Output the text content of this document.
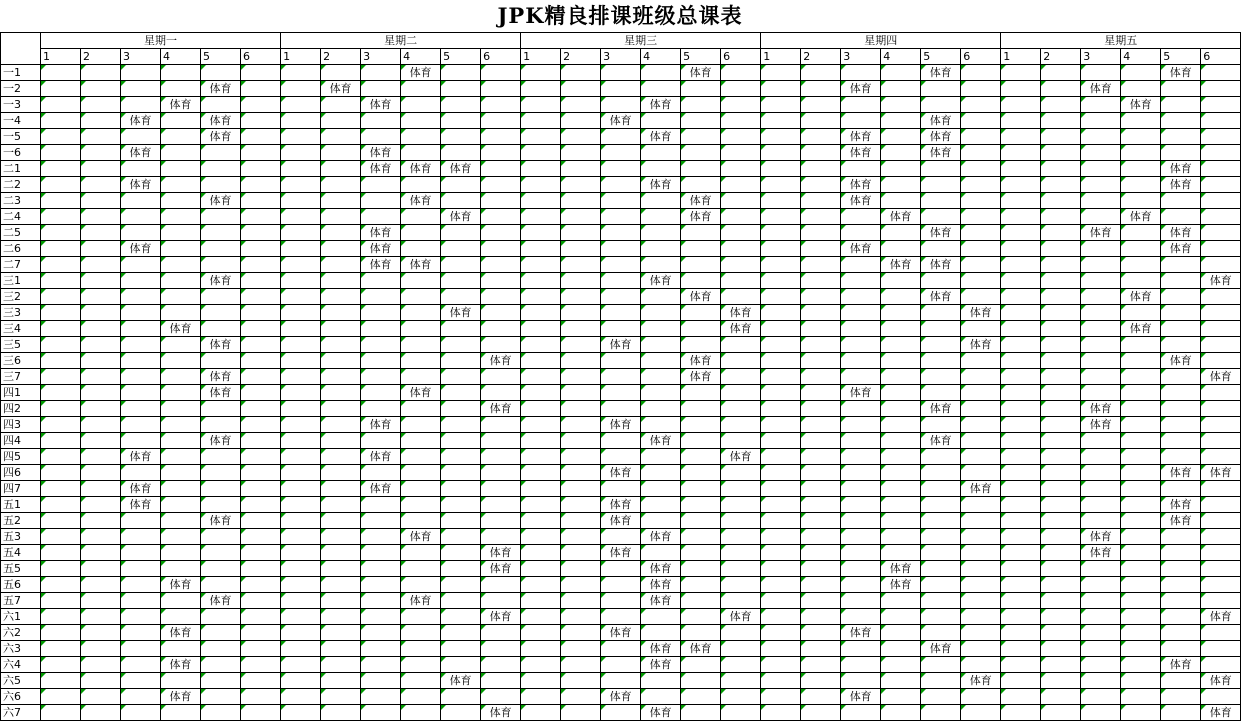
JPK精良排课班级总课表
	星期一						星期二						星期三						星期四						星期五					
	1	2	3	4	5	6	1	2	3	4	5	6	1	2	3	4	5	6	1	2	3	4	5	6	1	2	3	4	5	6
一1										体育							体育						体育						体育	
一2					体育			体育													体育						体育			
一3				体育					体育							体育												体育		
一4			体育		体育										体育								体育							
一5					体育											体育					体育		体育							
一6			体育						体育												体育		体育							
二1									体育	体育	体育																		体育	
二2			体育													体育					体育								体育	
二3					体育					体育							体育				体育									
二4											体育						体育					体育						体育		
二5									体育														体育				体育		体育	
二6			体育						体育												体育								体育	
二7									体育	体育												体育	体育							
三1					体育											体育														体育
三2																	体育						体育					体育		
三3											体育							体育						体育						
三4				体育														体育										体育		
三5					体育										体育									体育						
三6												体育					体育												体育	
三7					体育												体育													体育
四1					体育					体育											体育									
四2												体育											体育				体育			
四3									体育						体育												体育			
四4					体育											体育							体育							
四5			体育						体育									体育												
四6															体育														体育	体育
四7			体育						体育															体育						
五1			体育												体育														体育	
五2					体育										体育														体育	
五3										体育						体育											体育			
五4												体育			体育												体育			
五5												体育				体育						体育								
五6				体育												体育						体育								
五7					体育					体育						体育														
六1												体育						体育												体育
六2				体育											体育						体育									
六3																体育	体育						体育							
六4				体育												体育													体育	
六5											体育													体育						体育
六6				体育											体育						体育									
六7												体育				体育														体育
